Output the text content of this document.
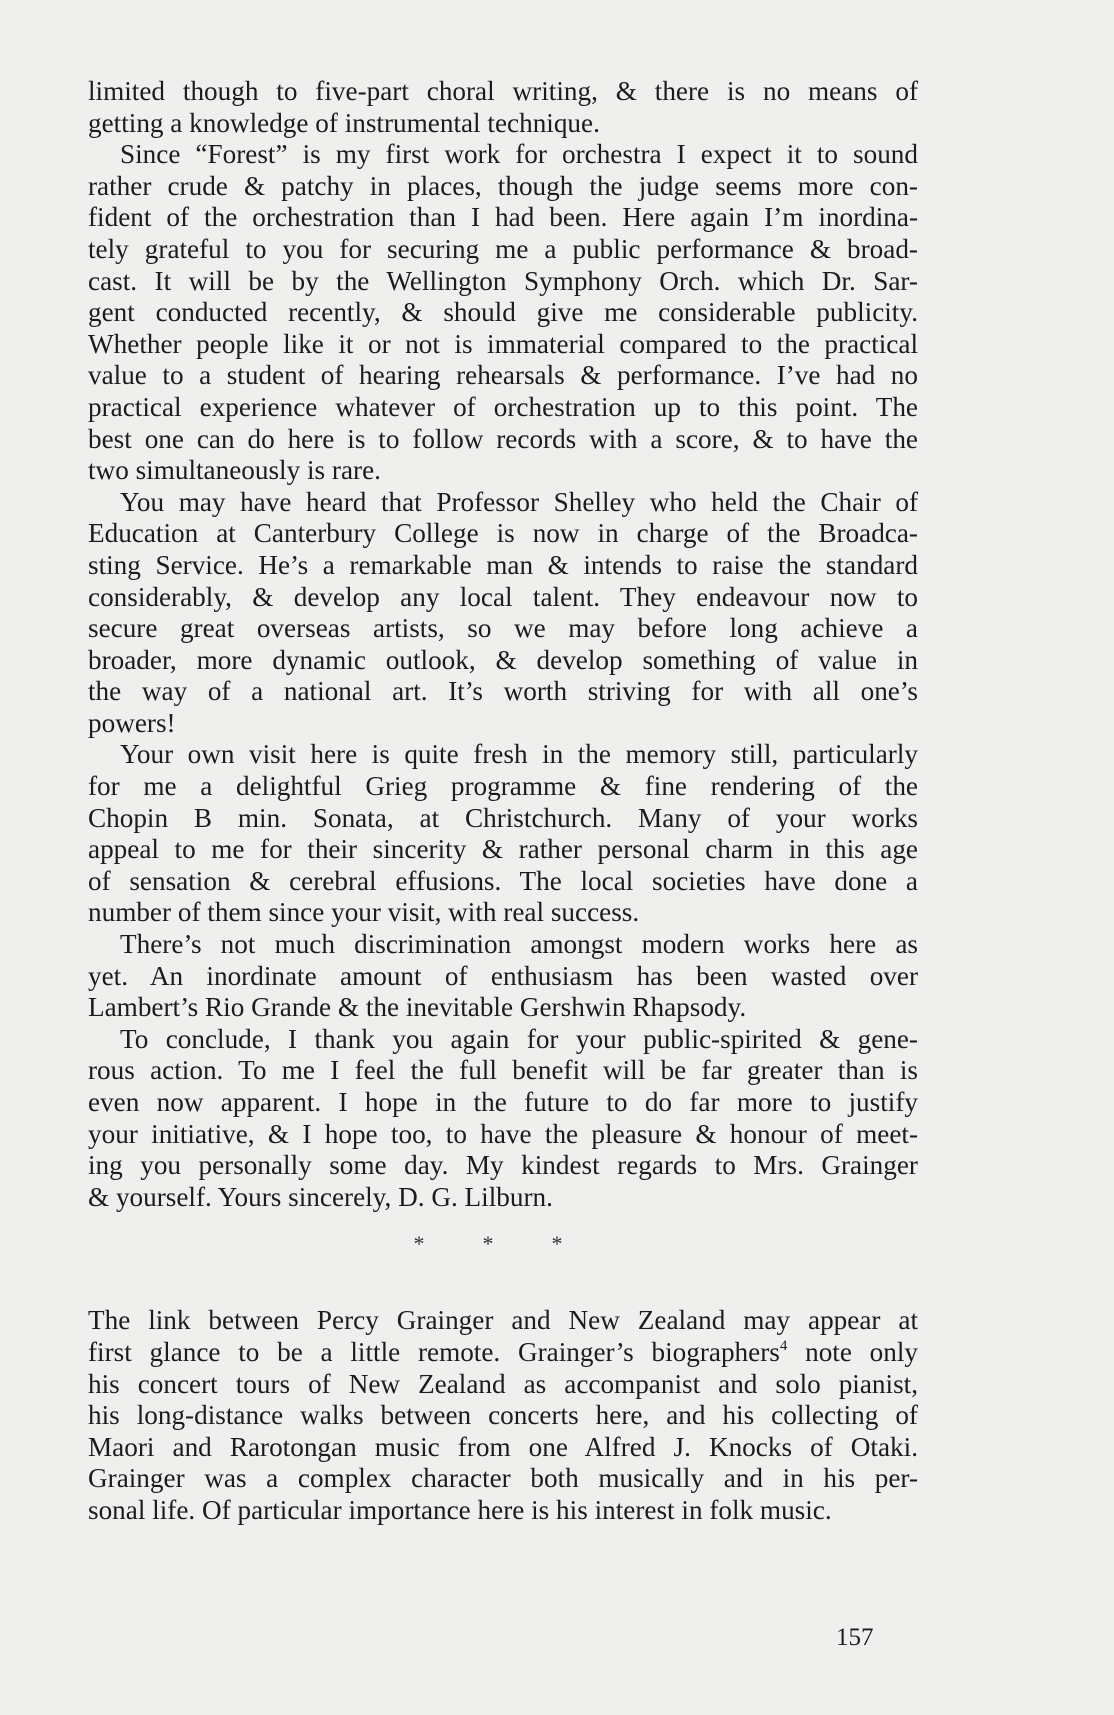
limited though to five-part choral writing, & there is no means of
getting a knowledge of instrumental technique.
Since “Forest” is my first work for orchestra I expect it to sound
rather crude & patchy in places, though the judge seems more con-
fident of the orchestration than I had been. Here again I’m inordina-
tely grateful to you for securing me a public performance & broad-
cast. It will be by the Wellington Symphony Orch. which Dr. Sar-
gent conducted recently, & should give me considerable publicity.
Whether people like it or not is immaterial compared to the practical
value to a student of hearing rehearsals & performance. I’ve had no
practical experience whatever of orchestration up to this point. The
best one can do here is to follow records with a score, & to have the
two simultaneously is rare.
You may have heard that Professor Shelley who held the Chair of
Education at Canterbury College is now in charge of the Broadca-
sting Service. He’s a remarkable man & intends to raise the standard
considerably, & develop any local talent. They endeavour now to
secure great overseas artists, so we may before long achieve a
broader, more dynamic outlook, & develop something of value in
the way of a national art. It’s worth striving for with all one’s
powers!
Your own visit here is quite fresh in the memory still, particularly
for me a delightful Grieg programme & fine rendering of the
Chopin B min. Sonata, at Christchurch. Many of your works
appeal to me for their sincerity & rather personal charm in this age
of sensation & cerebral effusions. The local societies have done a
number of them since your visit, with real success.
There’s not much discrimination amongst modern works here as
yet. An inordinate amount of enthusiasm has been wasted over
Lambert’s Rio Grande & the inevitable Gershwin Rhapsody.
To conclude, I thank you again for your public-spirited & gene-
rous action. To me I feel the full benefit will be far greater than is
even now apparent. I hope in the future to do far more to justify
your initiative, & I hope too, to have the pleasure & honour of meet-
ing you personally some day. My kindest regards to Mrs. Grainger
& yourself. Yours sincerely, D. G. Lilburn.
*	*	*
The link between Percy Grainger and New Zealand may appear at
first glance to be a little remote. Grainger’s biographers$^4$ note only
his concert tours of New Zealand as accompanist and solo pianist,
his long-distance walks between concerts here, and his collecting of
Maori and Rarotongan music from one Alfred J. Knocks of Otaki.
Grainger was a complex character both musically and in his per-
sonal life. Of particular importance here is his interest in folk music.
157
